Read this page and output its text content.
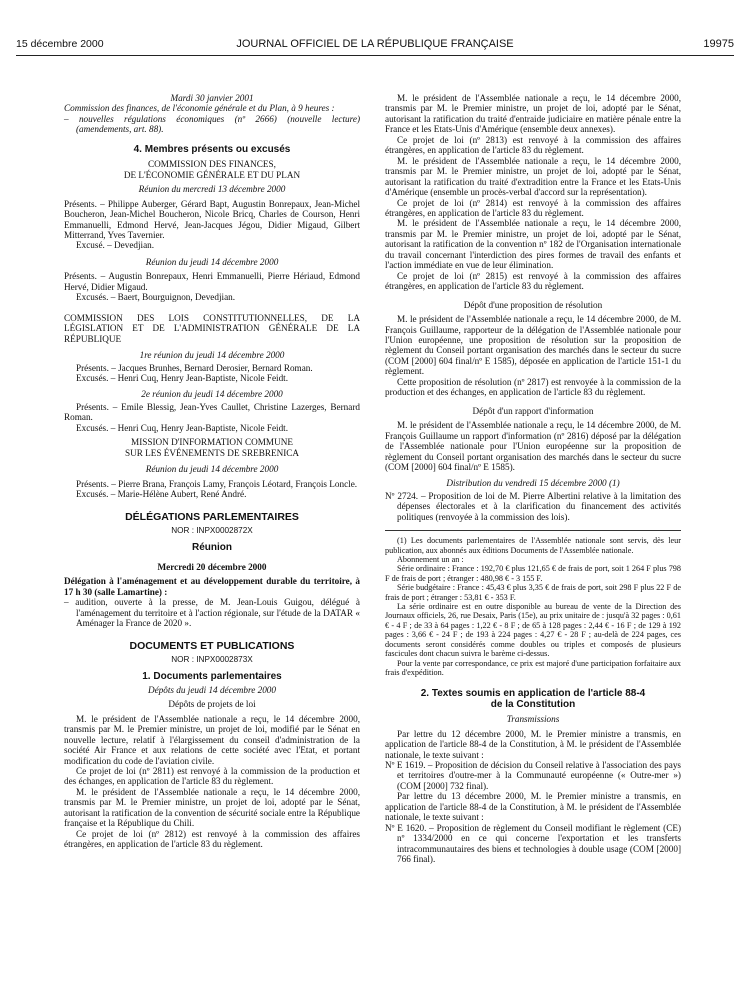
15 décembre 2000	JOURNAL OFFICIEL DE LA RÉPUBLIQUE FRANÇAISE	19975

Mardi 30 janvier 2001

Commission des finances, de l'économie générale et du Plan, à 9 heures :

– nouvelles régulations économiques (nº 2666) (nouvelle lecture) (amendements, art. 88).

4. Membres présents ou excusés

COMMISSION DES FINANCES,

DE L'ÉCONOMIE GÉNÉRALE ET DU PLAN

Réunion du mercredi 13 décembre 2000

Présents. – Philippe Auberger, Gérard Bapt, Augustin Bonrepaux, Jean-Michel Boucheron, Jean-Michel Boucheron, Nicole Bricq, Charles de Courson, Henri Emmanuelli, Edmond Hervé, Jean-Jacques Jégou, Didier Migaud, Gilbert Mitterrand, Yves Tavernier.

Excusé. – Devedjian.

Réunion du jeudi 14 décembre 2000

Présents. – Augustin Bonrepaux, Henri Emmanuelli, Pierre Hériaud, Edmond Hervé, Didier Migaud.

Excusés. – Baert, Bourguignon, Devedjian.

COMMISSION DES LOIS CONSTITUTIONNELLES, DE LA LÉGISLATION ET DE L'ADMINISTRATION GÉNÉRALE DE LA RÉPUBLIQUE

1re réunion du jeudi 14 décembre 2000

Présents. – Jacques Brunhes, Bernard Derosier, Bernard Roman.

Excusés. – Henri Cuq, Henry Jean-Baptiste, Nicole Feidt.

2e réunion du jeudi 14 décembre 2000

Présents. – Emile Blessig, Jean-Yves Caullet, Christine Lazerges, Bernard Roman.

Excusés. – Henri Cuq, Henry Jean-Baptiste, Nicole Feidt.

MISSION D'INFORMATION COMMUNE

SUR LES ÉVÉNEMENTS DE SREBRENICA

Réunion du jeudi 14 décembre 2000

Présents. – Pierre Brana, François Lamy, François Léotard, François Loncle.

Excusés. – Marie-Hélène Aubert, René André.

DÉLÉGATIONS PARLEMENTAIRES

NOR : INPX0002872X

Réunion

Mercredi 20 décembre 2000

Délégation à l'aménagement et au développement durable du territoire, à 17 h 30 (salle Lamartine) :

– audition, ouverte à la presse, de M. Jean-Louis Guigou, délégué à l'aménagement du territoire et à l'action régionale, sur l'étude de la DATAR « Aménager la France de 2020 ».

DOCUMENTS ET PUBLICATIONS

NOR : INPX0002873X

1. Documents parlementaires

Dépôts du jeudi 14 décembre 2000

Dépôts de projets de loi

M. le président de l'Assemblée nationale a reçu, le 14 décembre 2000, transmis par M. le Premier ministre, un projet de loi, modifié par le Sénat en nouvelle lecture, relatif à l'élargissement du conseil d'administration de la société Air France et aux relations de cette société avec l'Etat, et portant modification du code de l'aviation civile.

Ce projet de loi (nº 2811) est renvoyé à la commission de la production et des échanges, en application de l'article 83 du règlement.

M. le président de l'Assemblée nationale a reçu, le 14 décembre 2000, transmis par M. le Premier ministre, un projet de loi, adopté par le Sénat, autorisant la ratification de la convention de sécurité sociale entre la République française et la République du Chili.

Ce projet de loi (nº 2812) est renvoyé à la commission des affaires étrangères, en application de l'article 83 du règlement.

M. le président de l'Assemblée nationale a reçu, le 14 décembre 2000, transmis par M. le Premier ministre, un projet de loi, adopté par le Sénat, autorisant la ratification du traité d'entraide judiciaire en matière pénale entre la France et les Etats-Unis d'Amérique (ensemble deux annexes).

Ce projet de loi (nº 2813) est renvoyé à la commission des affaires étrangères, en application de l'article 83 du règlement.

M. le président de l'Assemblée nationale a reçu, le 14 décembre 2000, transmis par M. le Premier ministre, un projet de loi, adopté par le Sénat, autorisant la ratification du traité d'extradition entre la France et les Etats-Unis d'Amérique (ensemble un procès-verbal d'accord sur la représentation).

Ce projet de loi (nº 2814) est renvoyé à la commission des affaires étrangères, en application de l'article 83 du règlement.

M. le président de l'Assemblée nationale a reçu, le 14 décembre 2000, transmis par M. le Premier ministre, un projet de loi, adopté par le Sénat, autorisant la ratification de la convention nº 182 de l'Organisation internationale du travail concernant l'interdiction des pires formes de travail des enfants et l'action immédiate en vue de leur élimination.

Ce projet de loi (nº 2815) est renvoyé à la commission des affaires étrangères, en application de l'article 83 du règlement.

Dépôt d'une proposition de résolution

M. le président de l'Assemblée nationale a reçu, le 14 décembre 2000, de M. François Guillaume, rapporteur de la délégation de l'Assemblée nationale pour l'Union européenne, une proposition de résolution sur la proposition de règlement du Conseil portant organisation des marchés dans le secteur du sucre (COM [2000] 604 final/nº E 1585), déposée en application de l'article 151-1 du règlement.

Cette proposition de résolution (nº 2817) est renvoyée à la commission de la production et des échanges, en application de l'article 83 du règlement.

Dépôt d'un rapport d'information

M. le président de l'Assemblée nationale a reçu, le 14 décembre 2000, de M. François Guillaume un rapport d'information (nº 2816) déposé par la délégation de l'Assemblée nationale pour l'Union européenne sur la proposition de règlement du Conseil portant organisation des marchés dans le secteur du sucre (COM [2000] 604 final/nº E 1585).

Distribution du vendredi 15 décembre 2000 (1)

Nº 2724. – Proposition de loi de M. Pierre Albertini relative à la limitation des dépenses électorales et à la clarification du financement des activités politiques (renvoyée à la commission des lois).

(1) Les documents parlementaires de l'Assemblée nationale sont servis, dès leur publication, aux abonnés aux éditions Documents de l'Assemblée nationale.

Abonnement un an :

Série ordinaire : France : 192,70 € plus 121,65 € de frais de port, soit 1 264 F plus 798 F de frais de port ; étranger : 480,98 € - 3 155 F.

Série budgétaire : France : 45,43 € plus 3,35 € de frais de port, soit 298 F plus 22 F de frais de port ; étranger : 53,81 € - 353 F.

La série ordinaire est en outre disponible au bureau de vente de la Direction des Journaux officiels, 26, rue Desaix, Paris (15e), au prix unitaire de : jusqu'à 32 pages : 0,61 € - 4 F ; de 33 à 64 pages : 1,22 € - 8 F ; de 65 à 128 pages : 2,44 € - 16 F ; de 129 à 192 pages : 3,66 € - 24 F ; de 193 à 224 pages : 4,27 € - 28 F ; au-delà de 224 pages, ces documents seront considérés comme doubles ou triples et composés de plusieurs fascicules dont chacun suivra le barème ci-dessus.

Pour la vente par correspondance, ce prix est majoré d'une participation forfaitaire aux frais d'expédition.

2. Textes soumis en application de l'article 88-4

de la Constitution

Transmissions

Par lettre du 12 décembre 2000, M. le Premier ministre a transmis, en application de l'article 88-4 de la Constitution, à M. le président de l'Assemblée nationale, le texte suivant :

Nº E 1619. – Proposition de décision du Conseil relative à l'association des pays et territoires d'outre-mer à la Communauté européenne (« Outre-mer ») (COM [2000] 732 final).

Par lettre du 13 décembre 2000, M. le Premier ministre a transmis, en application de l'article 88-4 de la Constitution, à M. le président de l'Assemblée nationale, le texte suivant :

Nº E 1620. – Proposition de règlement du Conseil modifiant le règlement (CE) nº 1334/2000 en ce qui concerne l'exportation et les transferts intracommunautaires des biens et technologies à double usage (COM [2000] 766 final).
